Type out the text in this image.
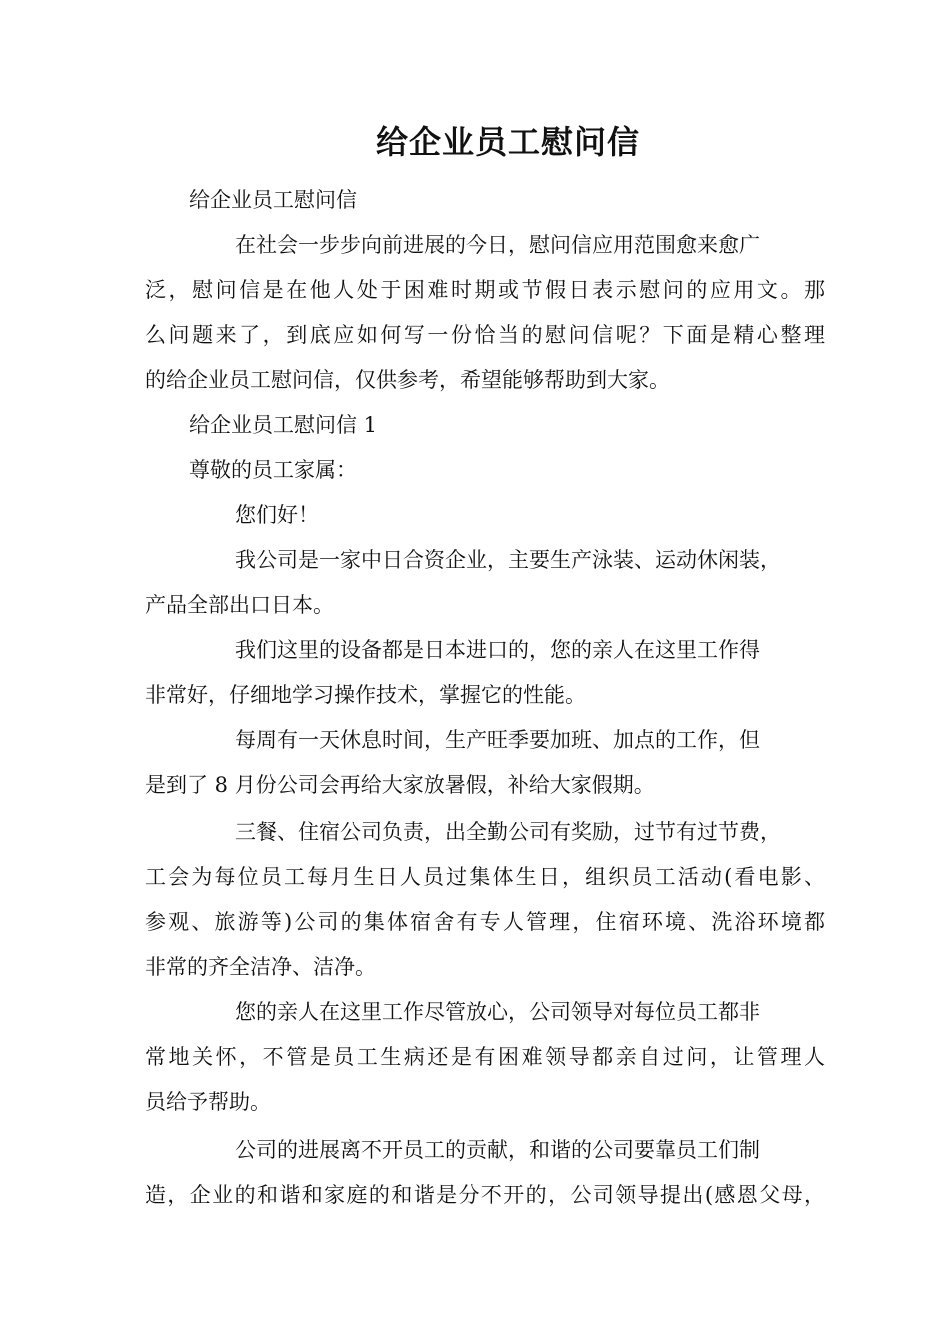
给企业员工慰问信
给企业员工慰问信
在社会一步步向前进展的今日，慰问信应用范围愈来愈广
泛，慰问信是在他人处于困难时期或节假日表示慰问的应用文。那
么问题来了，到底应如何写一份恰当的慰问信呢？下面是精心整理
的给企业员工慰问信，仅供参考，希望能够帮助到大家。
给企业员工慰问信 1
尊敬的员工家属：
您们好！
我公司是一家中日合资企业，主要生产泳装、运动休闲装，
产品全部出口日本。
我们这里的设备都是日本进口的，您的亲人在这里工作得
非常好，仔细地学习操作技术，掌握它的性能。
每周有一天休息时间，生产旺季要加班、加点的工作，但
是到了 8 月份公司会再给大家放暑假，补给大家假期。
三餐、住宿公司负责，出全勤公司有奖励，过节有过节费，
工会为每位员工每月生日人员过集体生日，组织员工活动(看电影、
参观、旅游等)公司的集体宿舍有专人管理，住宿环境、洗浴环境都
非常的齐全洁净、洁净。
您的亲人在这里工作尽管放心，公司领导对每位员工都非
常地关怀，不管是员工生病还是有困难领导都亲自过问，让管理人
员给予帮助。
公司的进展离不开员工的贡献，和谐的公司要靠员工们制
造，企业的和谐和家庭的和谐是分不开的，公司领导提出(感恩父母，
